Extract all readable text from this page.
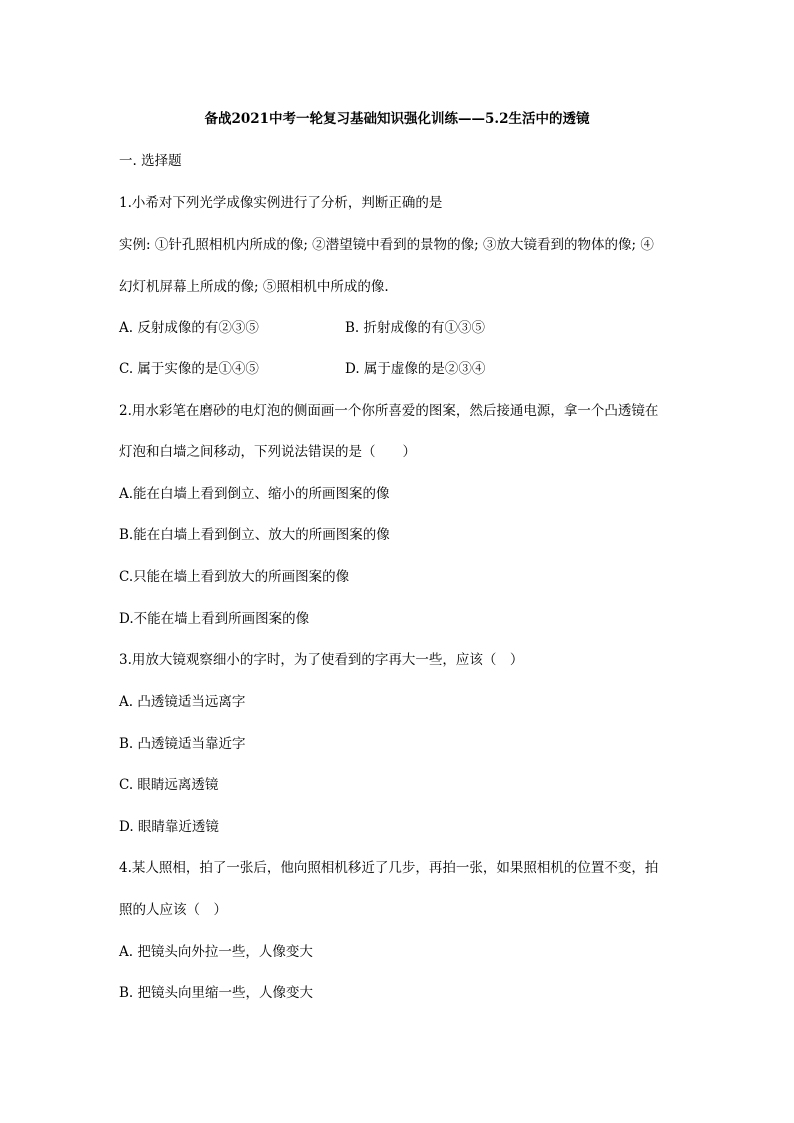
备战2021中考一轮复习基础知识强化训练——5.2生活中的透镜
一. 选择题
1.小希对下列光学成像实例进行了分析，判断正确的是
实例: ①针孔照相机内所成的像; ②潜望镜中看到的景物的像; ③放大镜看到的物体的像; ④
幻灯机屏幕上所成的像; ⑤照相机中所成的像.
A. 反射成像的有②③⑤	B. 折射成像的有①③⑤
C. 属于实像的是①④⑤	D. 属于虚像的是②③④
2.用水彩笔在磨砂的电灯泡的侧面画一个你所喜爱的图案，然后接通电源，拿一个凸透镜在
灯泡和白墙之间移动，下列说法错误的是（　　）
A.能在白墙上看到倒立、缩小的所画图案的像
B.能在白墙上看到倒立、放大的所画图案的像
C.只能在墙上看到放大的所画图案的像
D.不能在墙上看到所画图案的像
3.用放大镜观察细小的字时，为了使看到的字再大一些，应该（　）
A. 凸透镜适当远离字
B. 凸透镜适当靠近字
C. 眼睛远离透镜
D. 眼睛靠近透镜
4.某人照相，拍了一张后，他向照相机移近了几步，再拍一张，如果照相机的位置不变，拍
照的人应该（　）
A. 把镜头向外拉一些，人像变大
B. 把镜头向里缩一些，人像变大
